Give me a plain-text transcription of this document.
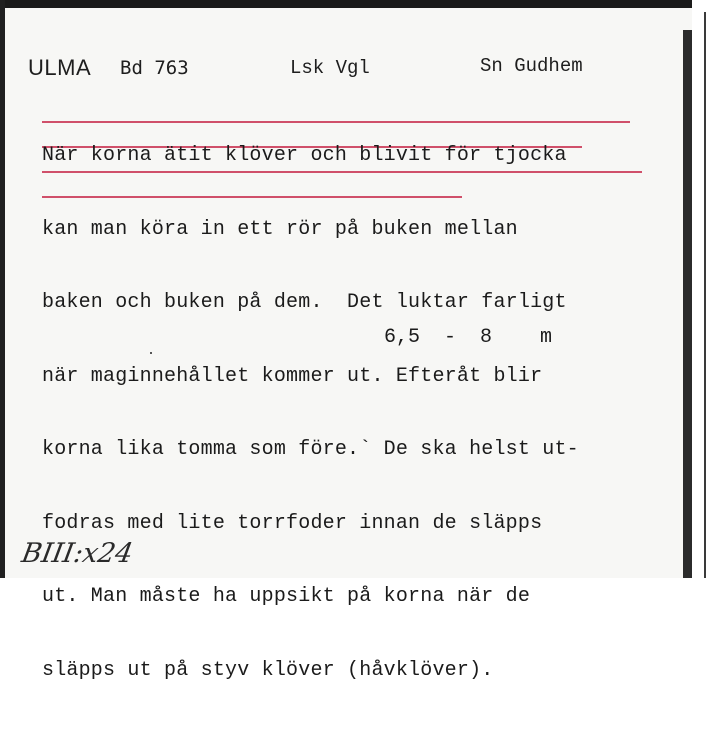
ULMA Bd 763	Lsk Vgl	Sn Gudhem

När korna ätit klöver och blivit för tjocka

kan man köra in ett rör på buken mellan

baken och buken på dem.  Det luktar farligt

när maginnehållet kommer ut. Efteråt blir

korna lika tomma som före.` De ska helst ut-

fodras med lite torrfoder innan de släpps

ut. Man måste ha uppsikt på korna när de

släpps ut på styv klöver (håvklöver).

6,5  -  8    m
BIII:x24
